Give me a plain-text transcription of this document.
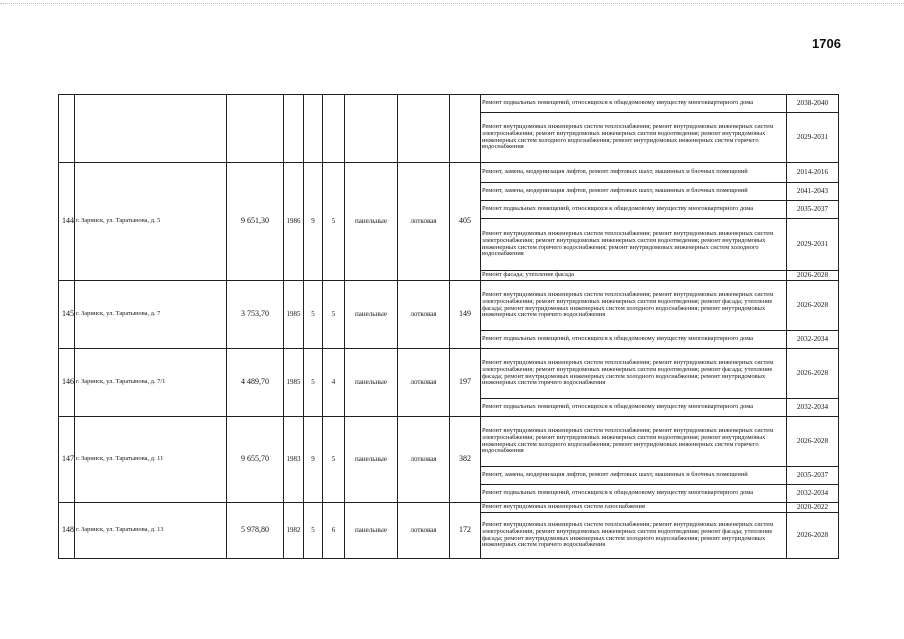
1706
									Ремонт подвальных помещений, относящихся к общедомовому имуществу многоквартирного дома	2038-2040
									Ремонт внутридомовых инженерных систем теплоснабжения; ремонт внутридомовых инженерных систем электроснабжения; ремонт внутридомовых инженерных систем водоотведения; ремонт внутридомовых инженерных систем холодного водоснабжения; ремонт внутридомовых инженерных систем горячего водоснабжения	2029-2031
144	г. Заринск, ул. Таратынова, д. 5	9 651,30	1986	9	5	панельные	лотковая	405	Ремонт, замена, модернизация лифтов, ремонт лифтовых шахт, машинных и блочных помещений	2014-2016
									Ремонт, замена, модернизация лифтов, ремонт лифтовых шахт, машинных и блочных помещений	2041-2043
									Ремонт подвальных помещений, относящихся к общедомовому имуществу многоквартирного дома	2035-2037
									Ремонт внутридомовых инженерных систем теплоснабжения; ремонт внутридомовых инженерных систем электроснабжения; ремонт внутридомовых инженерных систем водоотведения; ремонт внутридомовых инженерных систем горячего водоснабжения; ремонт внутридомовых инженерных систем холодного водоснабжения	2029-2031
									Ремонт фасада; утепление фасада	2026-2028
145	г. Заринск, ул. Таратынова, д. 7	3 753,70	1985	5	5	панельные	лотковая	149	Ремонт внутридомовых инженерных систем теплоснабжения; ремонт внутридомовых инженерных систем электроснабжения; ремонт внутридомовых инженерных систем водоотведения; ремонт фасада; утепление фасада; ремонт внутридомовых инженерных систем холодного водоснабжения; ремонт внутридомовых инженерных систем горячего водоснабжения	2026-2028
									Ремонт подвальных помещений, относящихся к общедомовому имуществу многоквартирного дома	2032-2034
146	г. Заринск, ул. Таратынова, д. 7/1	4 489,70	1985	5	4	панельные	лотковая	197	Ремонт внутридомовых инженерных систем теплоснабжения; ремонт внутридомовых инженерных систем электроснабжения; ремонт внутридомовых инженерных систем водоотведения; ремонт фасада; утепление фасада; ремонт внутридомовых инженерных систем холодного водоснабжения; ремонт внутридомовых инженерных систем горячего водоснабжения	2026-2028
									Ремонт подвальных помещений, относящихся к общедомовому имуществу многоквартирного дома	2032-2034
147	г. Заринск, ул. Таратынова, д. 11	9 655,70	1983	9	5	панельные	лотковая	382	Ремонт внутридомовых инженерных систем теплоснабжения; ремонт внутридомовых инженерных систем электроснабжения; ремонт внутридомовых инженерных систем водоотведения; ремонт внутридомовых инженерных систем холодного водоснабжения; ремонт внутридомовых инженерных систем горячего водоснабжения	2026-2028
									Ремонт, замена, модернизация лифтов, ремонт лифтовых шахт, машинных и блочных помещений	2035-2037
									Ремонт подвальных помещений, относящихся к общедомовому имуществу многоквартирного дома	2032-2034
148	г. Заринск, ул. Таратынова, д. 13	5 978,80	1982	5	6	панельные	лотковая	172	Ремонт внутридомовых инженерных систем газоснабжения	2020-2022
									Ремонт внутридомовых инженерных систем теплоснабжения; ремонт внутридомовых инженерных систем электроснабжения; ремонт внутридомовых инженерных систем водоотведения; ремонт фасада; утепление фасада; ремонт внутридомовых инженерных систем холодного водоснабжения; ремонт внутридомовых инженерных систем горячего водоснабжения	2026-2028
